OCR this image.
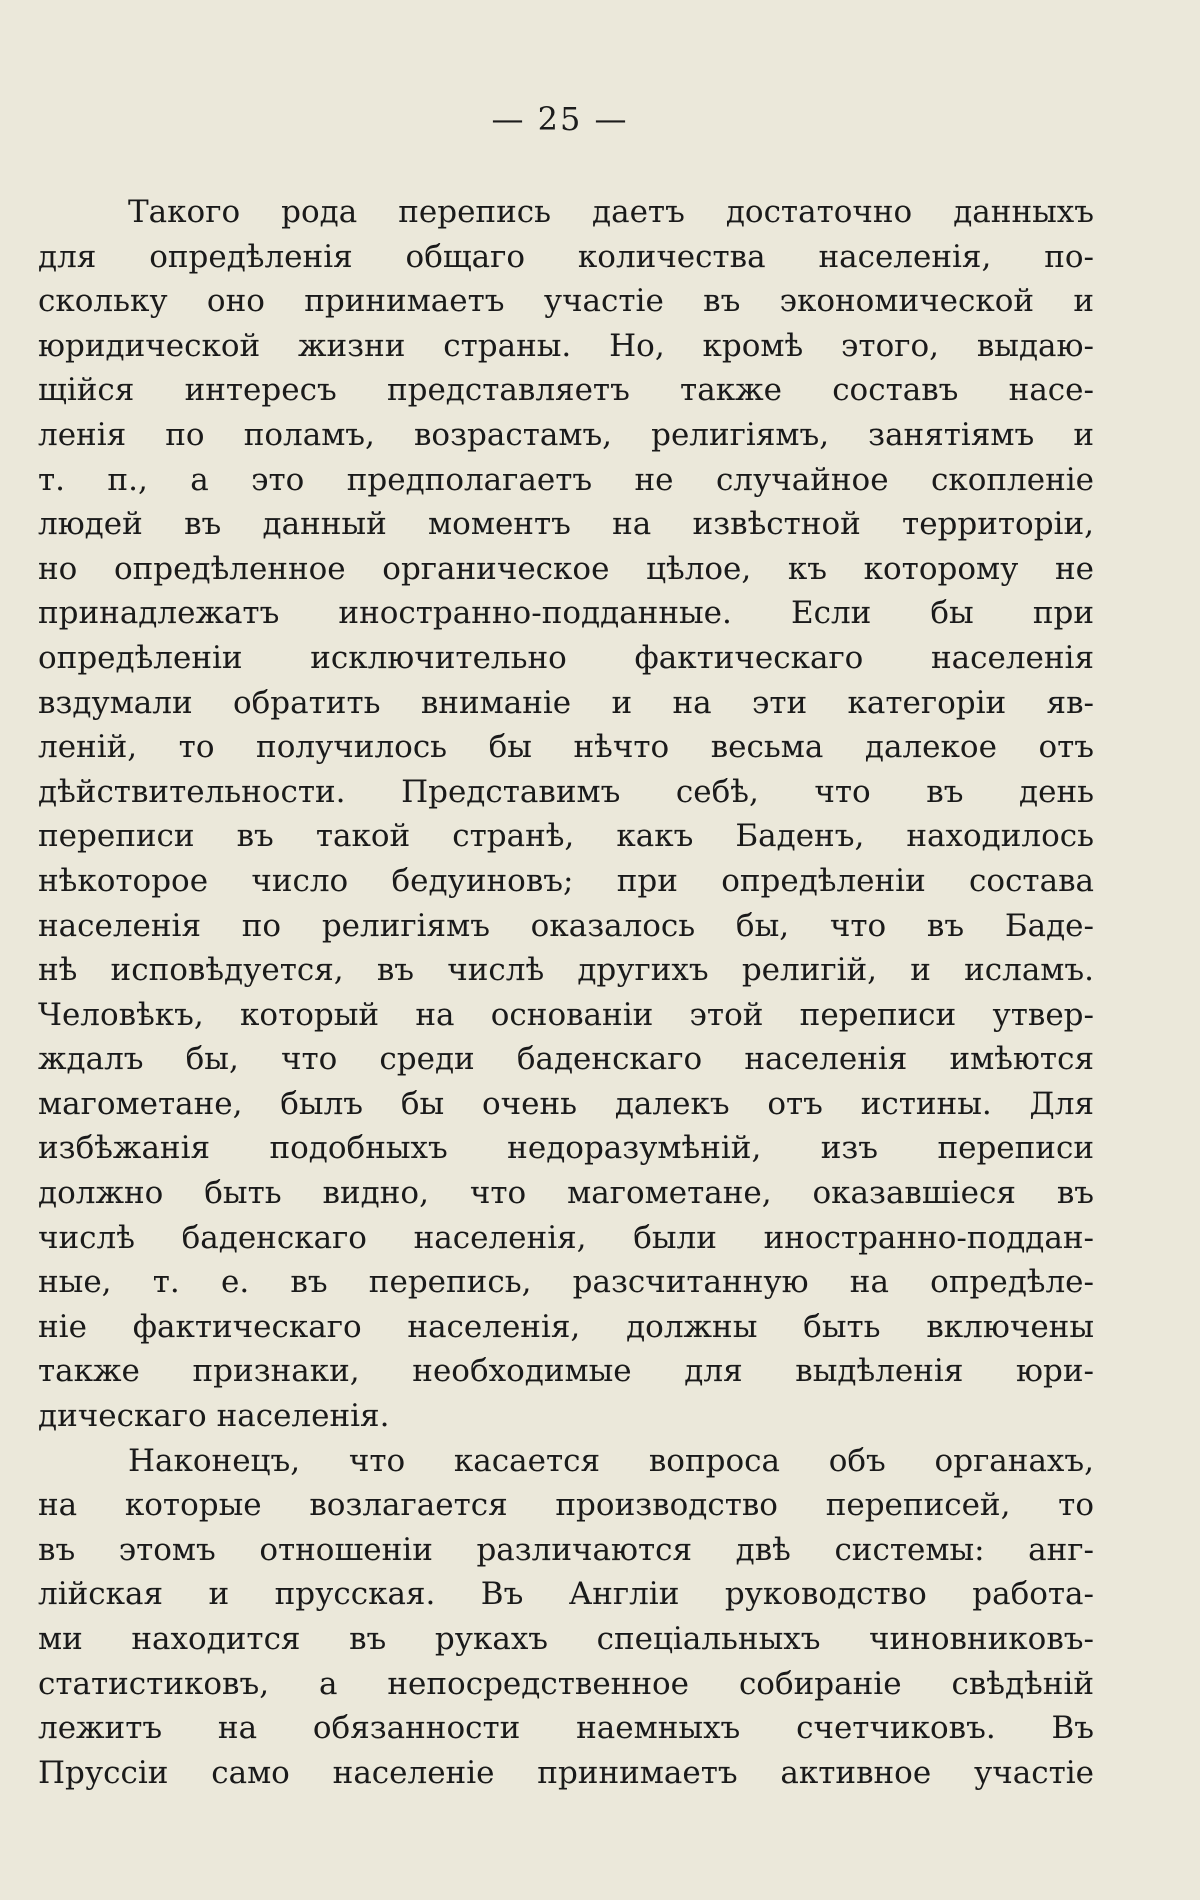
— 25 —
Такого рода перепись даетъ достаточно данныхъ
для опредѣленія общаго количества населенія, по-
скольку оно принимаетъ участіе въ экономической и
юридической жизни страны. Но, кромѣ этого, выдаю-
щійся интересъ представляетъ также составъ насе-
ленія по поламъ, возрастамъ, религіямъ, занятіямъ и
т. п., а это предполагаетъ не случайное скопленіе
людей въ данный моментъ на извѣстной территоріи,
но опредѣленное органическое цѣлое, къ которому не
принадлежатъ иностранно-подданные. Если бы при
опредѣленіи исключительно фактическаго населенія
вздумали обратить вниманіе и на эти категоріи яв-
леній, то получилось бы нѣчто весьма далекое отъ
дѣйствительности. Представимъ себѣ, что въ день
переписи въ такой странѣ, какъ Баденъ, находилось
нѣкоторое число бедуиновъ; при опредѣленіи состава
населенія по религіямъ оказалось бы, что въ Баде-
нѣ исповѣдуется, въ числѣ другихъ религій, и исламъ.
Человѣкъ, который на основаніи этой переписи утвер-
ждалъ бы, что среди баденскаго населенія имѣются
магометане, былъ бы очень далекъ отъ истины. Для
избѣжанія подобныхъ недоразумѣній, изъ переписи
должно быть видно, что магометане, оказавшіеся въ
числѣ баденскаго населенія, были иностранно-поддан-
ные, т. е. въ перепись, разсчитанную на опредѣле-
ніе фактическаго населенія, должны быть включены
также признаки, необходимые для выдѣленія юри-
дическаго населенія.
Наконецъ, что касается вопроса объ органахъ,
на которые возлагается производство переписей, то
въ этомъ отношеніи различаются двѣ системы: анг-
лійская и прусская. Въ Англіи руководство работа-
ми находится въ рукахъ спеціальныхъ чиновниковъ-
статистиковъ, а непосредственное собираніе свѣдѣній
лежитъ на обязанности наемныхъ счетчиковъ. Въ
Пруссіи само населеніе принимаетъ активное участіе
